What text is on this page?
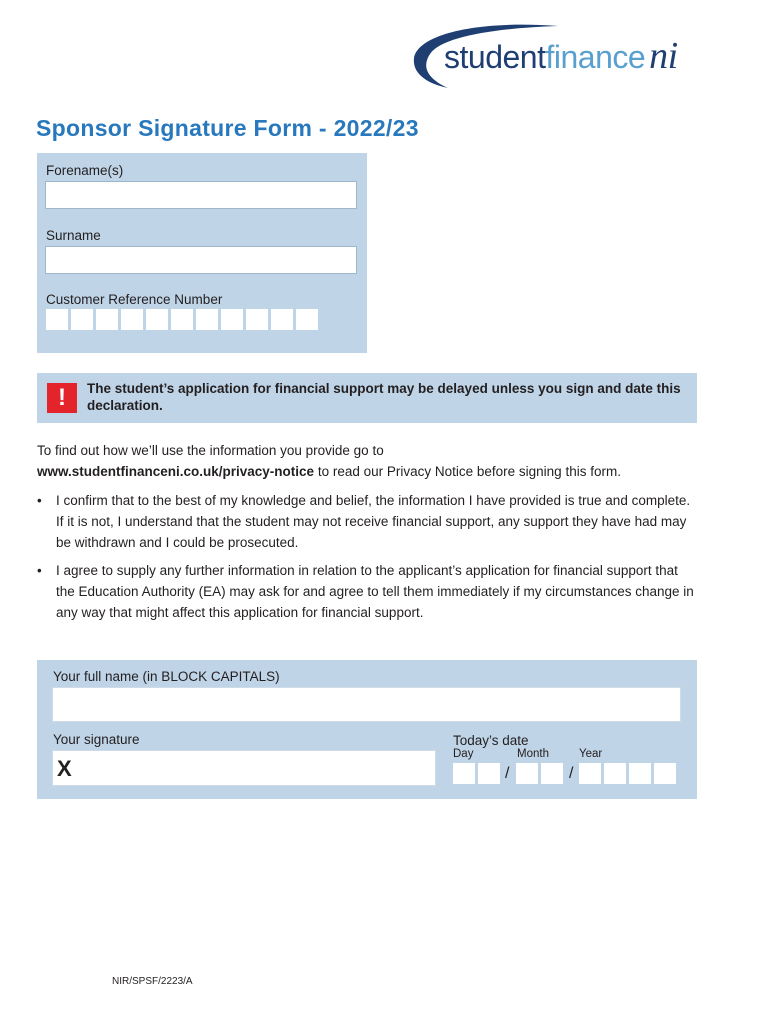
studentfinance ni
Sponsor Signature Form - 2022/23
Forename(s)
Surname
Customer Reference Number
!	The student’s application for financial support may be delayed unless you sign and date this declaration.

To find out how we’ll use the information you provide go to

www.studentfinanceni.co.uk/privacy-notice to read our Privacy Notice before signing this form.

• I confirm that to the best of my knowledge and belief, the information I have provided is true and complete. If it is not, I understand that the student may not receive financial support, any support they have had may be withdrawn and I could be prosecuted.
• I agree to supply any further information in relation to the applicant’s application for financial support that the Education Authority (EA) may ask for and agree to tell them immediately if my circumstances change in any way that might affect this application for financial support.
Your full name (in BLOCK CAPITALS)
Your signature
X
Today’s date
Day	Month	Year
/	/
NIR/SPSF/2223/A
